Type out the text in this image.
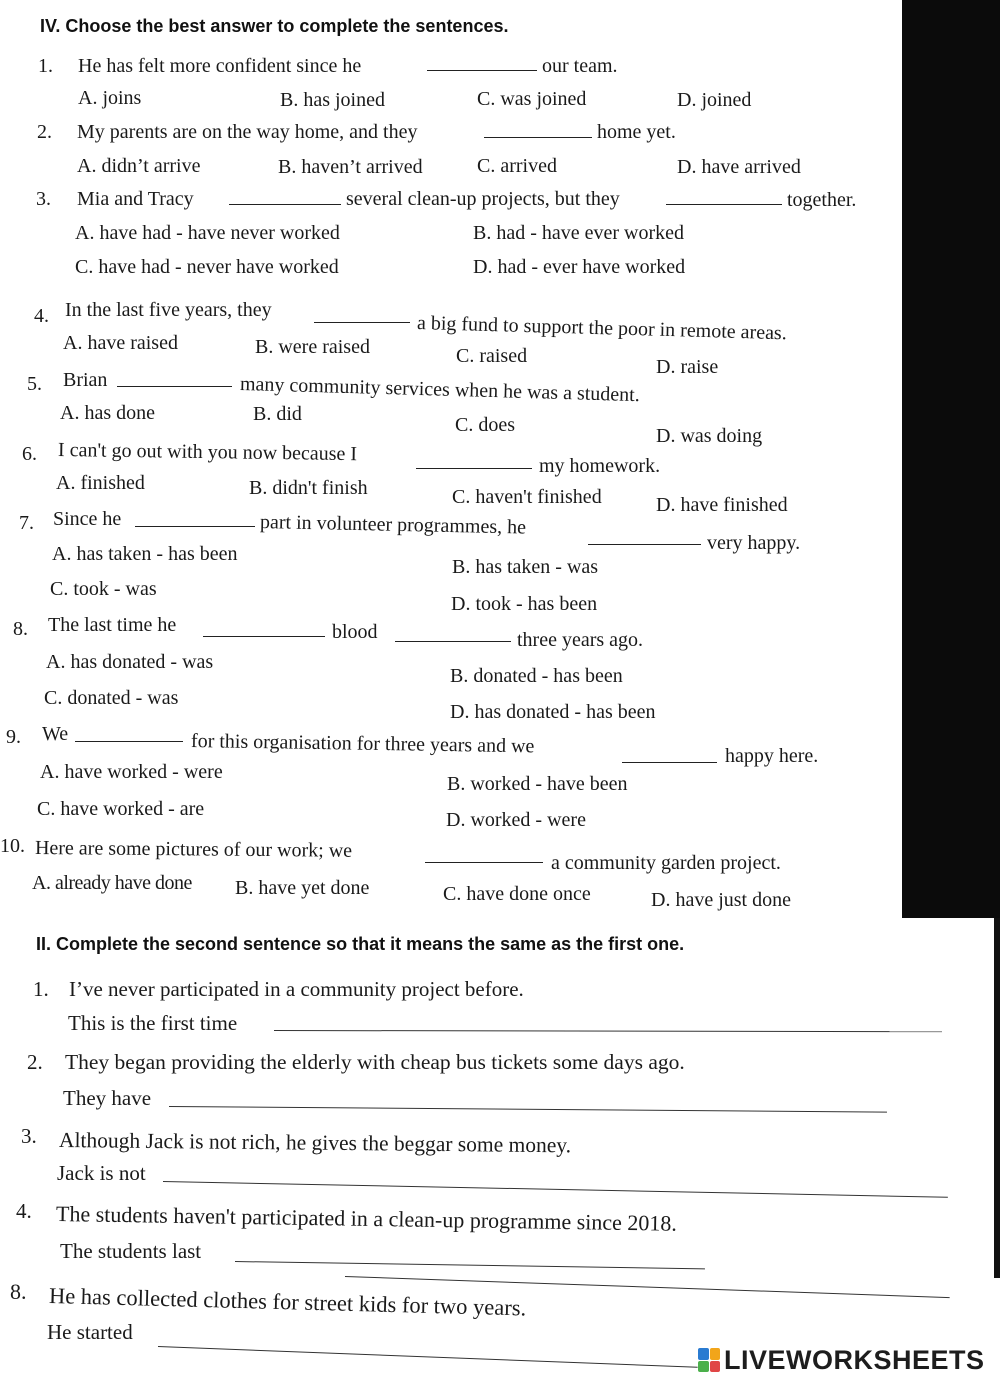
IV. Choose the best answer to complete the sentences.
1. He has felt more confident since he	our team.
A. joins	B. has joined	C. was joined	D. joined
2. My parents are on the way home, and they	home yet.
A. didn’t arrive	B. haven’t arrived	C. arrived	D. have arrived
3. Mia and Tracy	several clean-up projects, but they	together.
A. have had - have never worked	B. had - have ever worked
C. have had - never have worked	D. had - ever have worked
4. In the last five years, they
a big fund to support the poor in remote areas.
A. have raised	B. were raised	C. raised	D. raise
5. Brian	many community services when he was a student.
A. has done	B. did	C. does	D. was doing
6. I can't go out with you now because I
my homework.
A. finished	B. didn't finish	C. haven't finished	D. have finished
7. Since he	part in volunteer programmes, he
very happy.
A. has taken - has been
B. has taken - was
C. took - was
D. took - has been
8. The last time he	blood	three years ago.
A. has donated - was
B. donated - has been
C. donated - was
D. has donated - has been
9. We	for this organisation for three years and we	happy here.
A. have worked - were
B. worked - have been
C. have worked - are	D. worked - were
10. Here are some pictures of our work; we
a community garden project.
A. already have done B. have yet done	C. have done once	D. have just done
II. Complete the second sentence so that it means the same as the first one.
1. I’ve never participated in a community project before.
This is the first time
2. They began providing the elderly with cheap bus tickets some days ago.
They have
3. Although Jack is not rich, he gives the beggar some money.
Jack is not
4. The students haven't participated in a clean-up programme since 2018.
The students last
8. He has collected clothes for street kids for two years.
He started
LIVEWORKSHEETS
